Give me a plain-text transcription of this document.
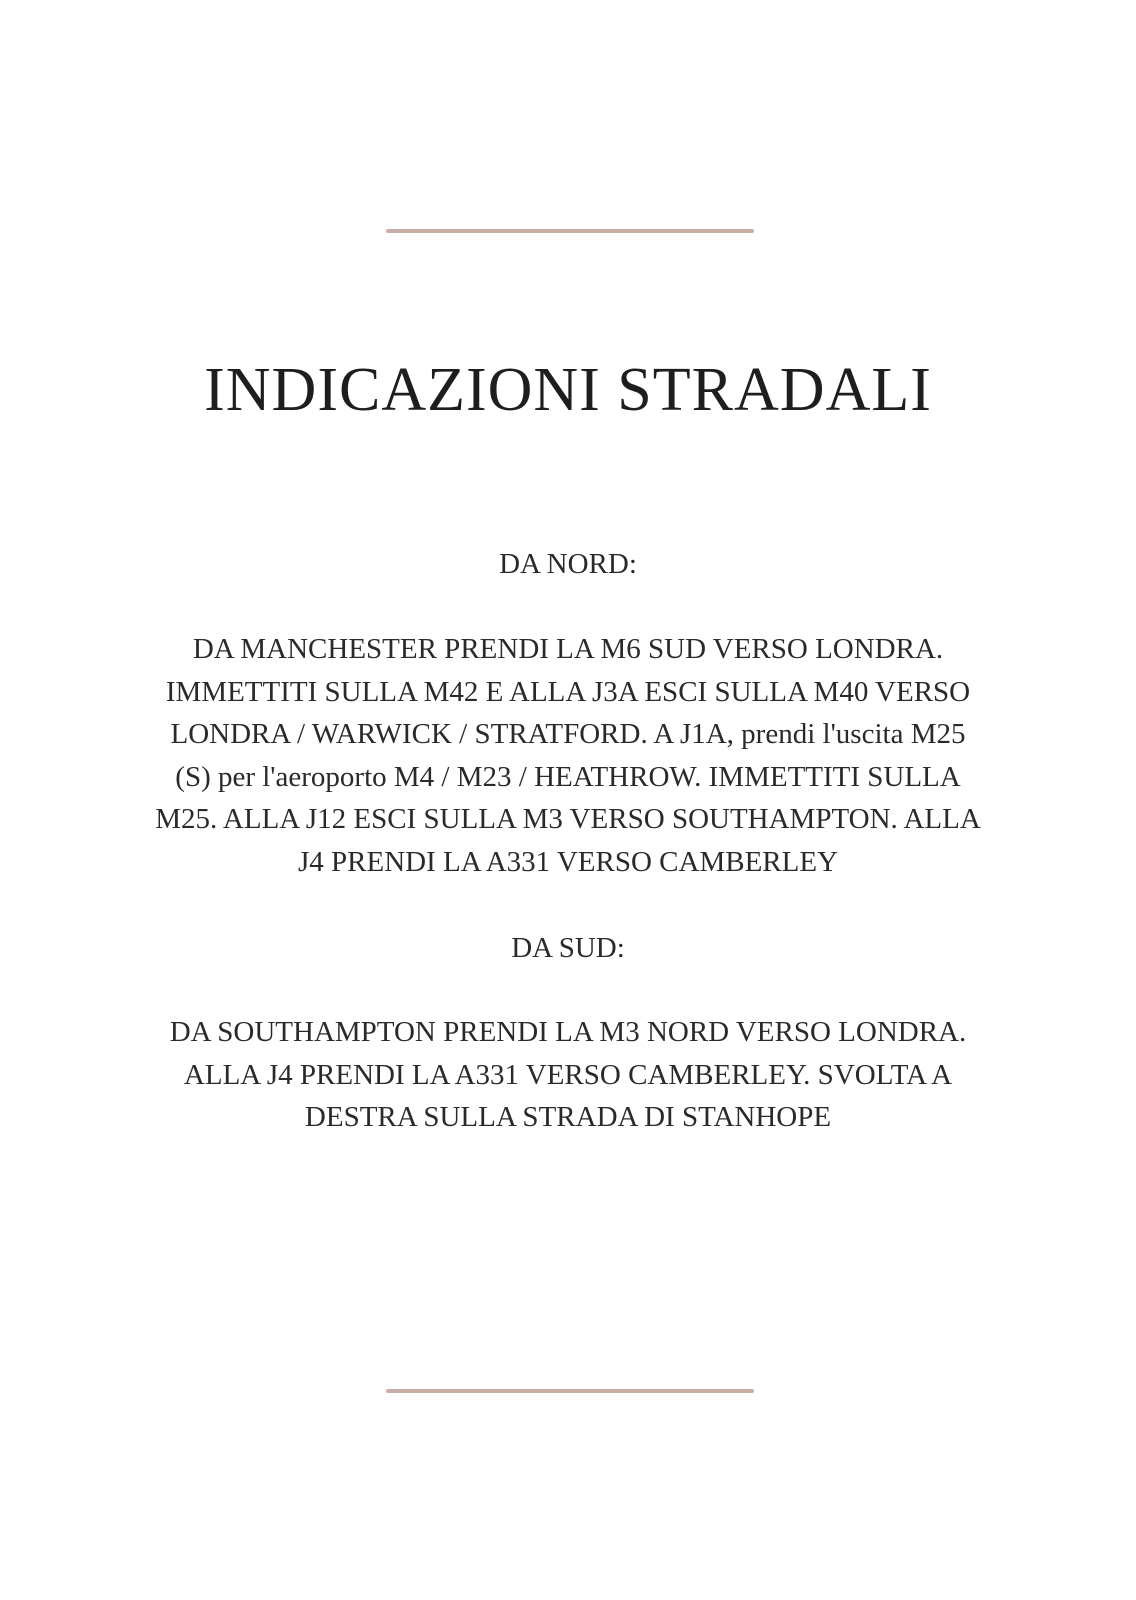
INDICAZIONI STRADALI
DA NORD:

DA MANCHESTER PRENDI LA M6 SUD VERSO LONDRA.
IMMETTITI SULLA M42 E ALLA J3A ESCI SULLA M40 VERSO
LONDRA / WARWICK / STRATFORD. A J1A, prendi l'uscita M25
(S) per l'aeroporto M4 / M23 / HEATHROW. IMMETTITI SULLA
M25. ALLA J12 ESCI SULLA M3 VERSO SOUTHAMPTON. ALLA
J4 PRENDI LA A331 VERSO CAMBERLEY

DA SUD:

DA SOUTHAMPTON PRENDI LA M3 NORD VERSO LONDRA.
ALLA J4 PRENDI LA A331 VERSO CAMBERLEY. SVOLTA A
DESTRA SULLA STRADA DI STANHOPE
